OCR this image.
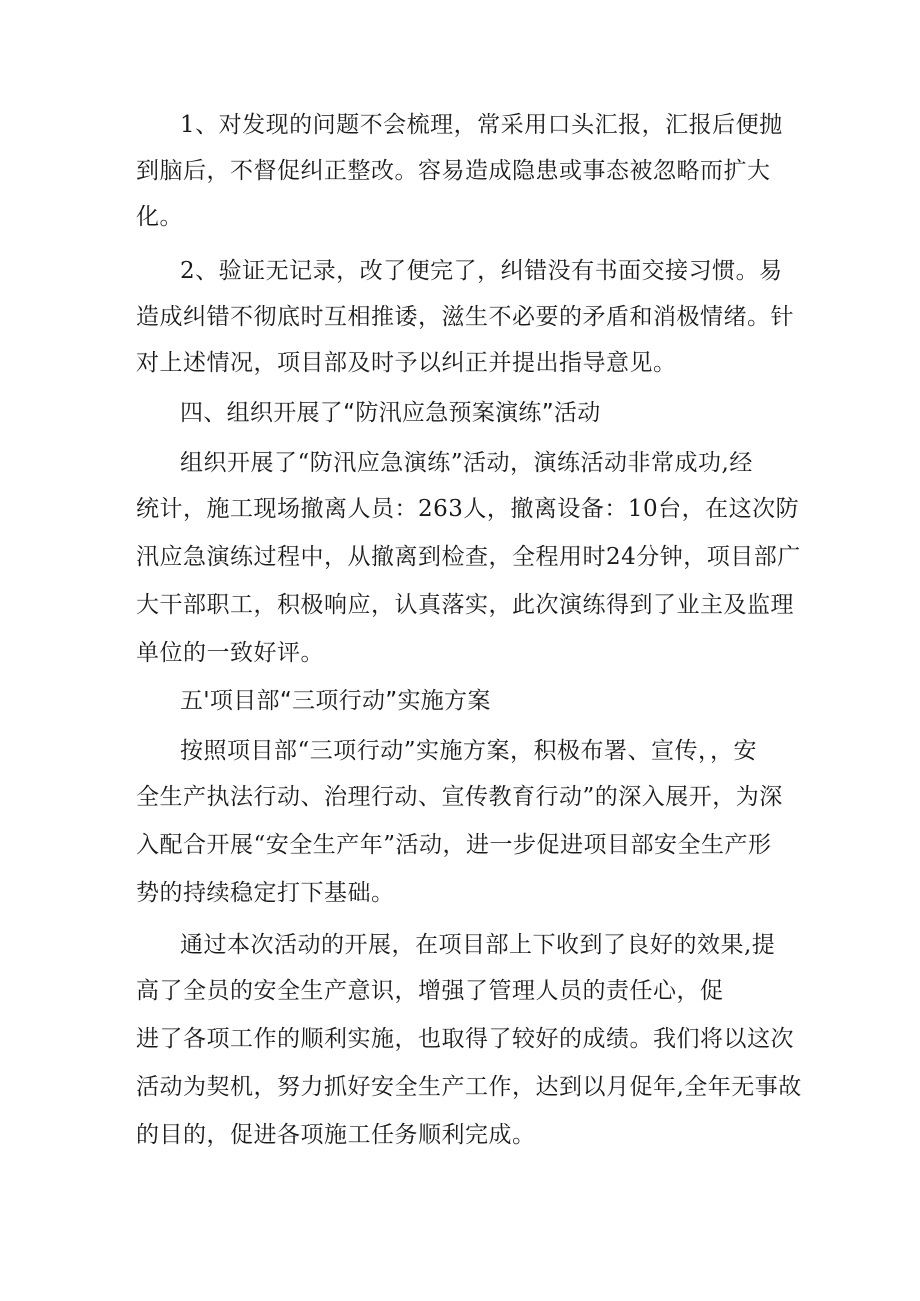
1、对发现的问题不会梳理，常采用口头汇报，汇报后便抛
到脑后，不督促纠正整改。容易造成隐患或事态被忽略而扩大
化。
2、验证无记录，改了便完了，纠错没有书面交接习惯。易
造成纠错不彻底时互相推诿，滋生不必要的矛盾和消极情绪。针
对上述情况，项目部及时予以纠正并提出指导意见。
四、组织开展了“防汛应急预案演练”活动
组织开展了“防汛应急演练”活动，演练活动非常成功,经
统计，施工现场撤离人员：263人，撤离设备：10台，在这次防
汛应急演练过程中，从撤离到检查，全程用时24分钟，项目部广
大干部职工，积极响应，认真落实，此次演练得到了业主及监理
单位的一致好评。
五'项目部“三项行动”实施方案
按照项目部“三项行动”实施方案，积极布署、宣传，，安
全生产执法行动、治理行动、宣传教育行动”的深入展开，为深
入配合开展“安全生产年”活动，进一步促进项目部安全生产形
势的持续稳定打下基础。
通过本次活动的开展，在项目部上下收到了良好的效果,提
高了全员的安全生产意识，增强了管理人员的责任心，促
进了各项工作的顺利实施，也取得了较好的成绩。我们将以这次
活动为契机，努力抓好安全生产工作，达到以月促年,全年无事故
的目的，促进各项施工任务顺利完成。
